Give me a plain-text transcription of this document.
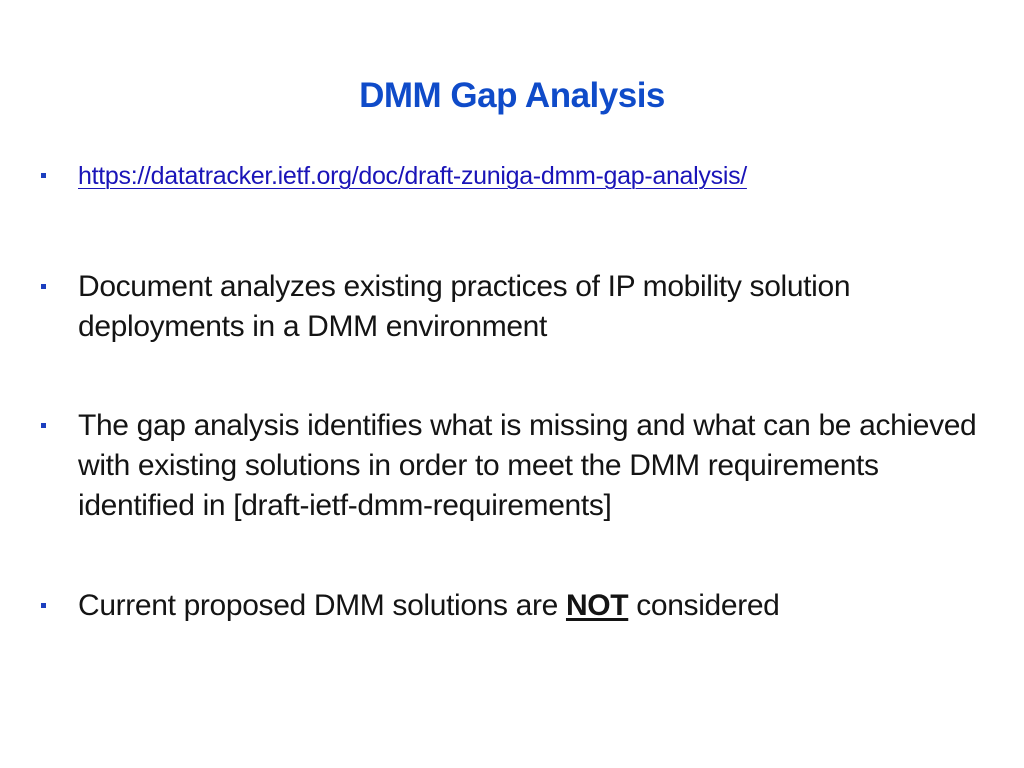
DMM Gap Analysis
https://datatracker.ietf.org/doc/draft-zuniga-dmm-gap-analysis/
Document analyzes existing practices of IP mobility solution deployments in a DMM environment
The gap analysis identifies what is missing and what can be achieved with existing solutions in order to meet the DMM requirements identified in [draft-ietf-dmm-requirements]
Current proposed DMM solutions are NOT considered
